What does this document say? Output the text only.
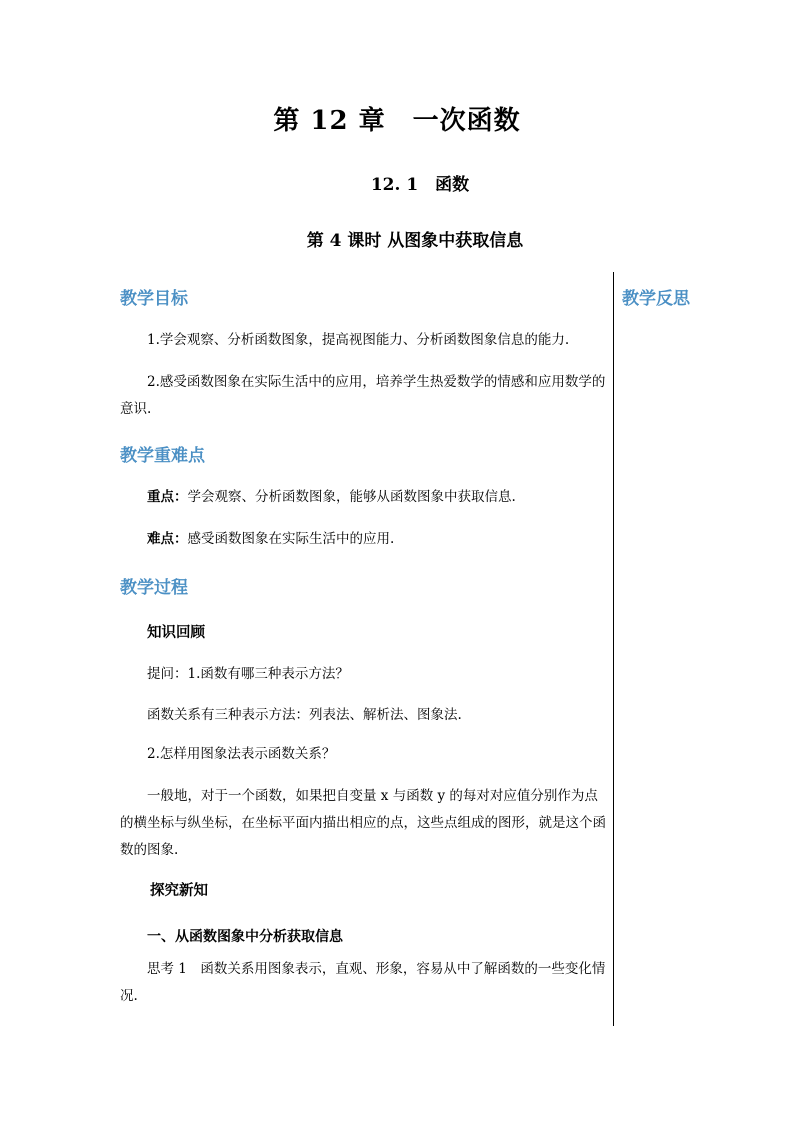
第 12 章　一次函数
12. 1　函数
第 4 课时 从图象中获取信息
教学反思
教学目标
1.学会观察、分析函数图象，提高视图能力、分析函数图象信息的能力.
2.感受函数图象在实际生活中的应用，培养学生热爱数学的情感和应用数学的意识.
教学重难点
重点：学会观察、分析函数图象，能够从函数图象中获取信息.
难点：感受函数图象在实际生活中的应用.
教学过程
知识回顾
提问：1.函数有哪三种表示方法？
函数关系有三种表示方法：列表法、解析法、图象法.
2.怎样用图象法表示函数关系？
一般地，对于一个函数，如果把自变量 x 与函数 y 的每对对应值分别作为点的横坐标与纵坐标，在坐标平面内描出相应的点，这些点组成的图形，就是这个函数的图象.
探究新知
一、从函数图象中分析获取信息
思考 1　函数关系用图象表示，直观、形象，容易从中了解函数的一些变化情况.
